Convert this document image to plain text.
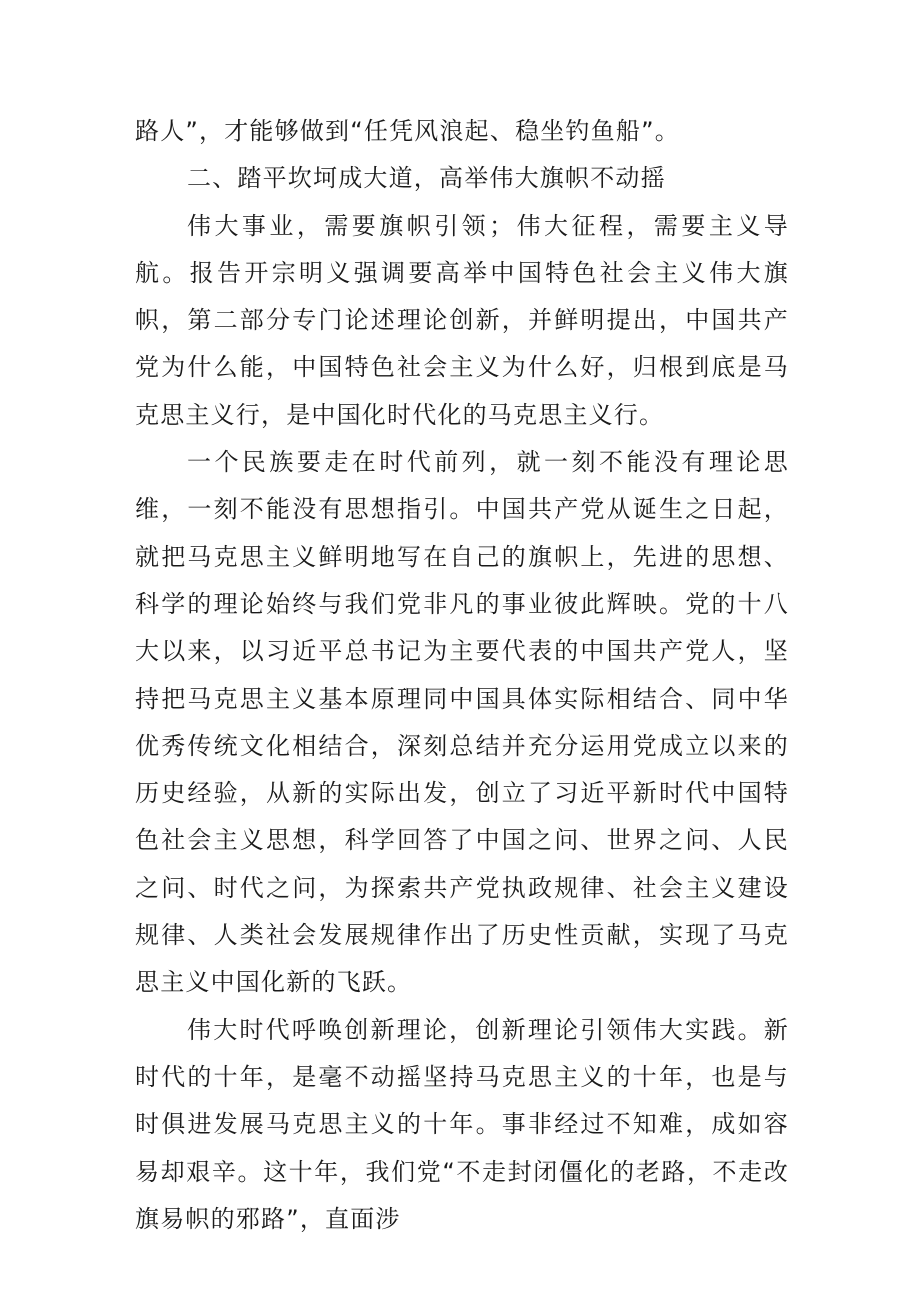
路人”，才能够做到“任凭风浪起、稳坐钓鱼船”。

二、踏平坎坷成大道，高举伟大旗帜不动摇

伟大事业，需要旗帜引领；伟大征程，需要主义导航。报告开宗明义强调要高举中国特色社会主义伟大旗帜，第二部分专门论述理论创新，并鲜明提出，中国共产党为什么能，中国特色社会主义为什么好，归根到底是马克思主义行，是中国化时代化的马克思主义行。

一个民族要走在时代前列，就一刻不能没有理论思维，一刻不能没有思想指引。中国共产党从诞生之日起，就把马克思主义鲜明地写在自己的旗帜上，先进的思想、科学的理论始终与我们党非凡的事业彼此辉映。党的十八大以来，以习近平总书记为主要代表的中国共产党人，坚持把马克思主义基本原理同中国具体实际相结合、同中华优秀传统文化相结合，深刻总结并充分运用党成立以来的历史经验，从新的实际出发，创立了习近平新时代中国特色社会主义思想，科学回答了中国之问、世界之问、人民之问、时代之问，为探索共产党执政规律、社会主义建设规律、人类社会发展规律作出了历史性贡献，实现了马克思主义中国化新的飞跃。

伟大时代呼唤创新理论，创新理论引领伟大实践。新时代的十年，是毫不动摇坚持马克思主义的十年，也是与时俱进发展马克思主义的十年。事非经过不知难，成如容易却艰辛。这十年，我们党“不走封闭僵化的老路，不走改旗易帜的邪路”，直面涉
